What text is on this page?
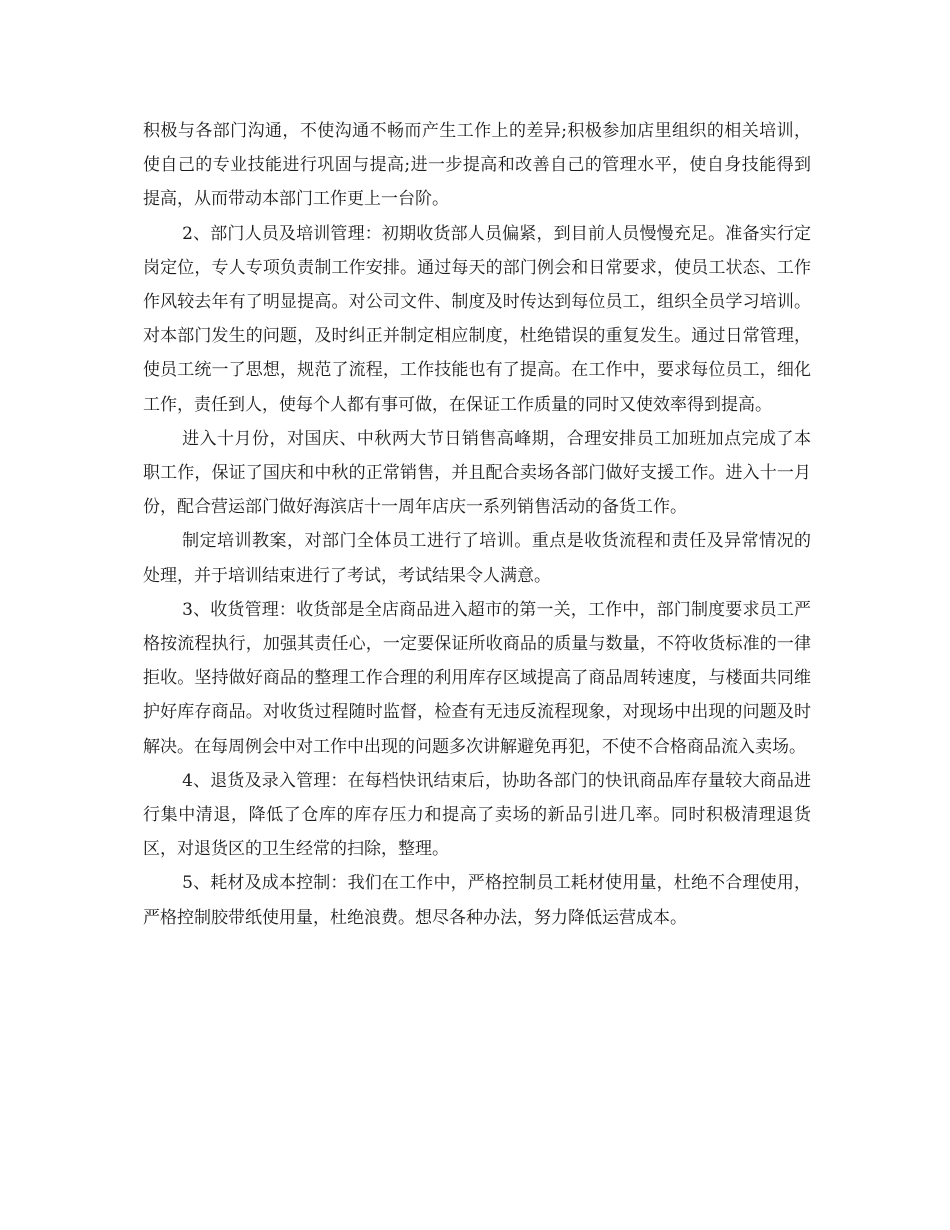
积极与各部门沟通，不使沟通不畅而产生工作上的差异;积极参加店里组织的相关培训，使自己的专业技能进行巩固与提高;进一步提高和改善自己的管理水平，使自身技能得到提高，从而带动本部门工作更上一台阶。

2、部门人员及培训管理：初期收货部人员偏紧，到目前人员慢慢充足。准备实行定岗定位，专人专项负责制工作安排。通过每天的部门例会和日常要求，使员工状态、工作作风较去年有了明显提高。对公司文件、制度及时传达到每位员工，组织全员学习培训。对本部门发生的问题，及时纠正并制定相应制度，杜绝错误的重复发生。通过日常管理，使员工统一了思想，规范了流程，工作技能也有了提高。在工作中，要求每位员工，细化工作，责任到人，使每个人都有事可做，在保证工作质量的同时又使效率得到提高。

进入十月份，对国庆、中秋两大节日销售高峰期，合理安排员工加班加点完成了本职工作，保证了国庆和中秋的正常销售，并且配合卖场各部门做好支援工作。进入十一月份，配合营运部门做好海滨店十一周年店庆一系列销售活动的备货工作。

制定培训教案，对部门全体员工进行了培训。重点是收货流程和责任及异常情况的处理，并于培训结束进行了考试，考试结果令人满意。

3、收货管理：收货部是全店商品进入超市的第一关，工作中，部门制度要求员工严格按流程执行，加强其责任心，一定要保证所收商品的质量与数量，不符收货标准的一律拒收。坚持做好商品的整理工作合理的利用库存区域提高了商品周转速度，与楼面共同维护好库存商品。对收货过程随时监督，检查有无违反流程现象，对现场中出现的问题及时解决。在每周例会中对工作中出现的问题多次讲解避免再犯，不使不合格商品流入卖场。

4、退货及录入管理：在每档快讯结束后，协助各部门的快讯商品库存量较大商品进行集中清退，降低了仓库的库存压力和提高了卖场的新品引进几率。同时积极清理退货区，对退货区的卫生经常的扫除，整理。

5、耗材及成本控制：我们在工作中，严格控制员工耗材使用量，杜绝不合理使用，严格控制胶带纸使用量，杜绝浪费。想尽各种办法，努力降低运营成本。
